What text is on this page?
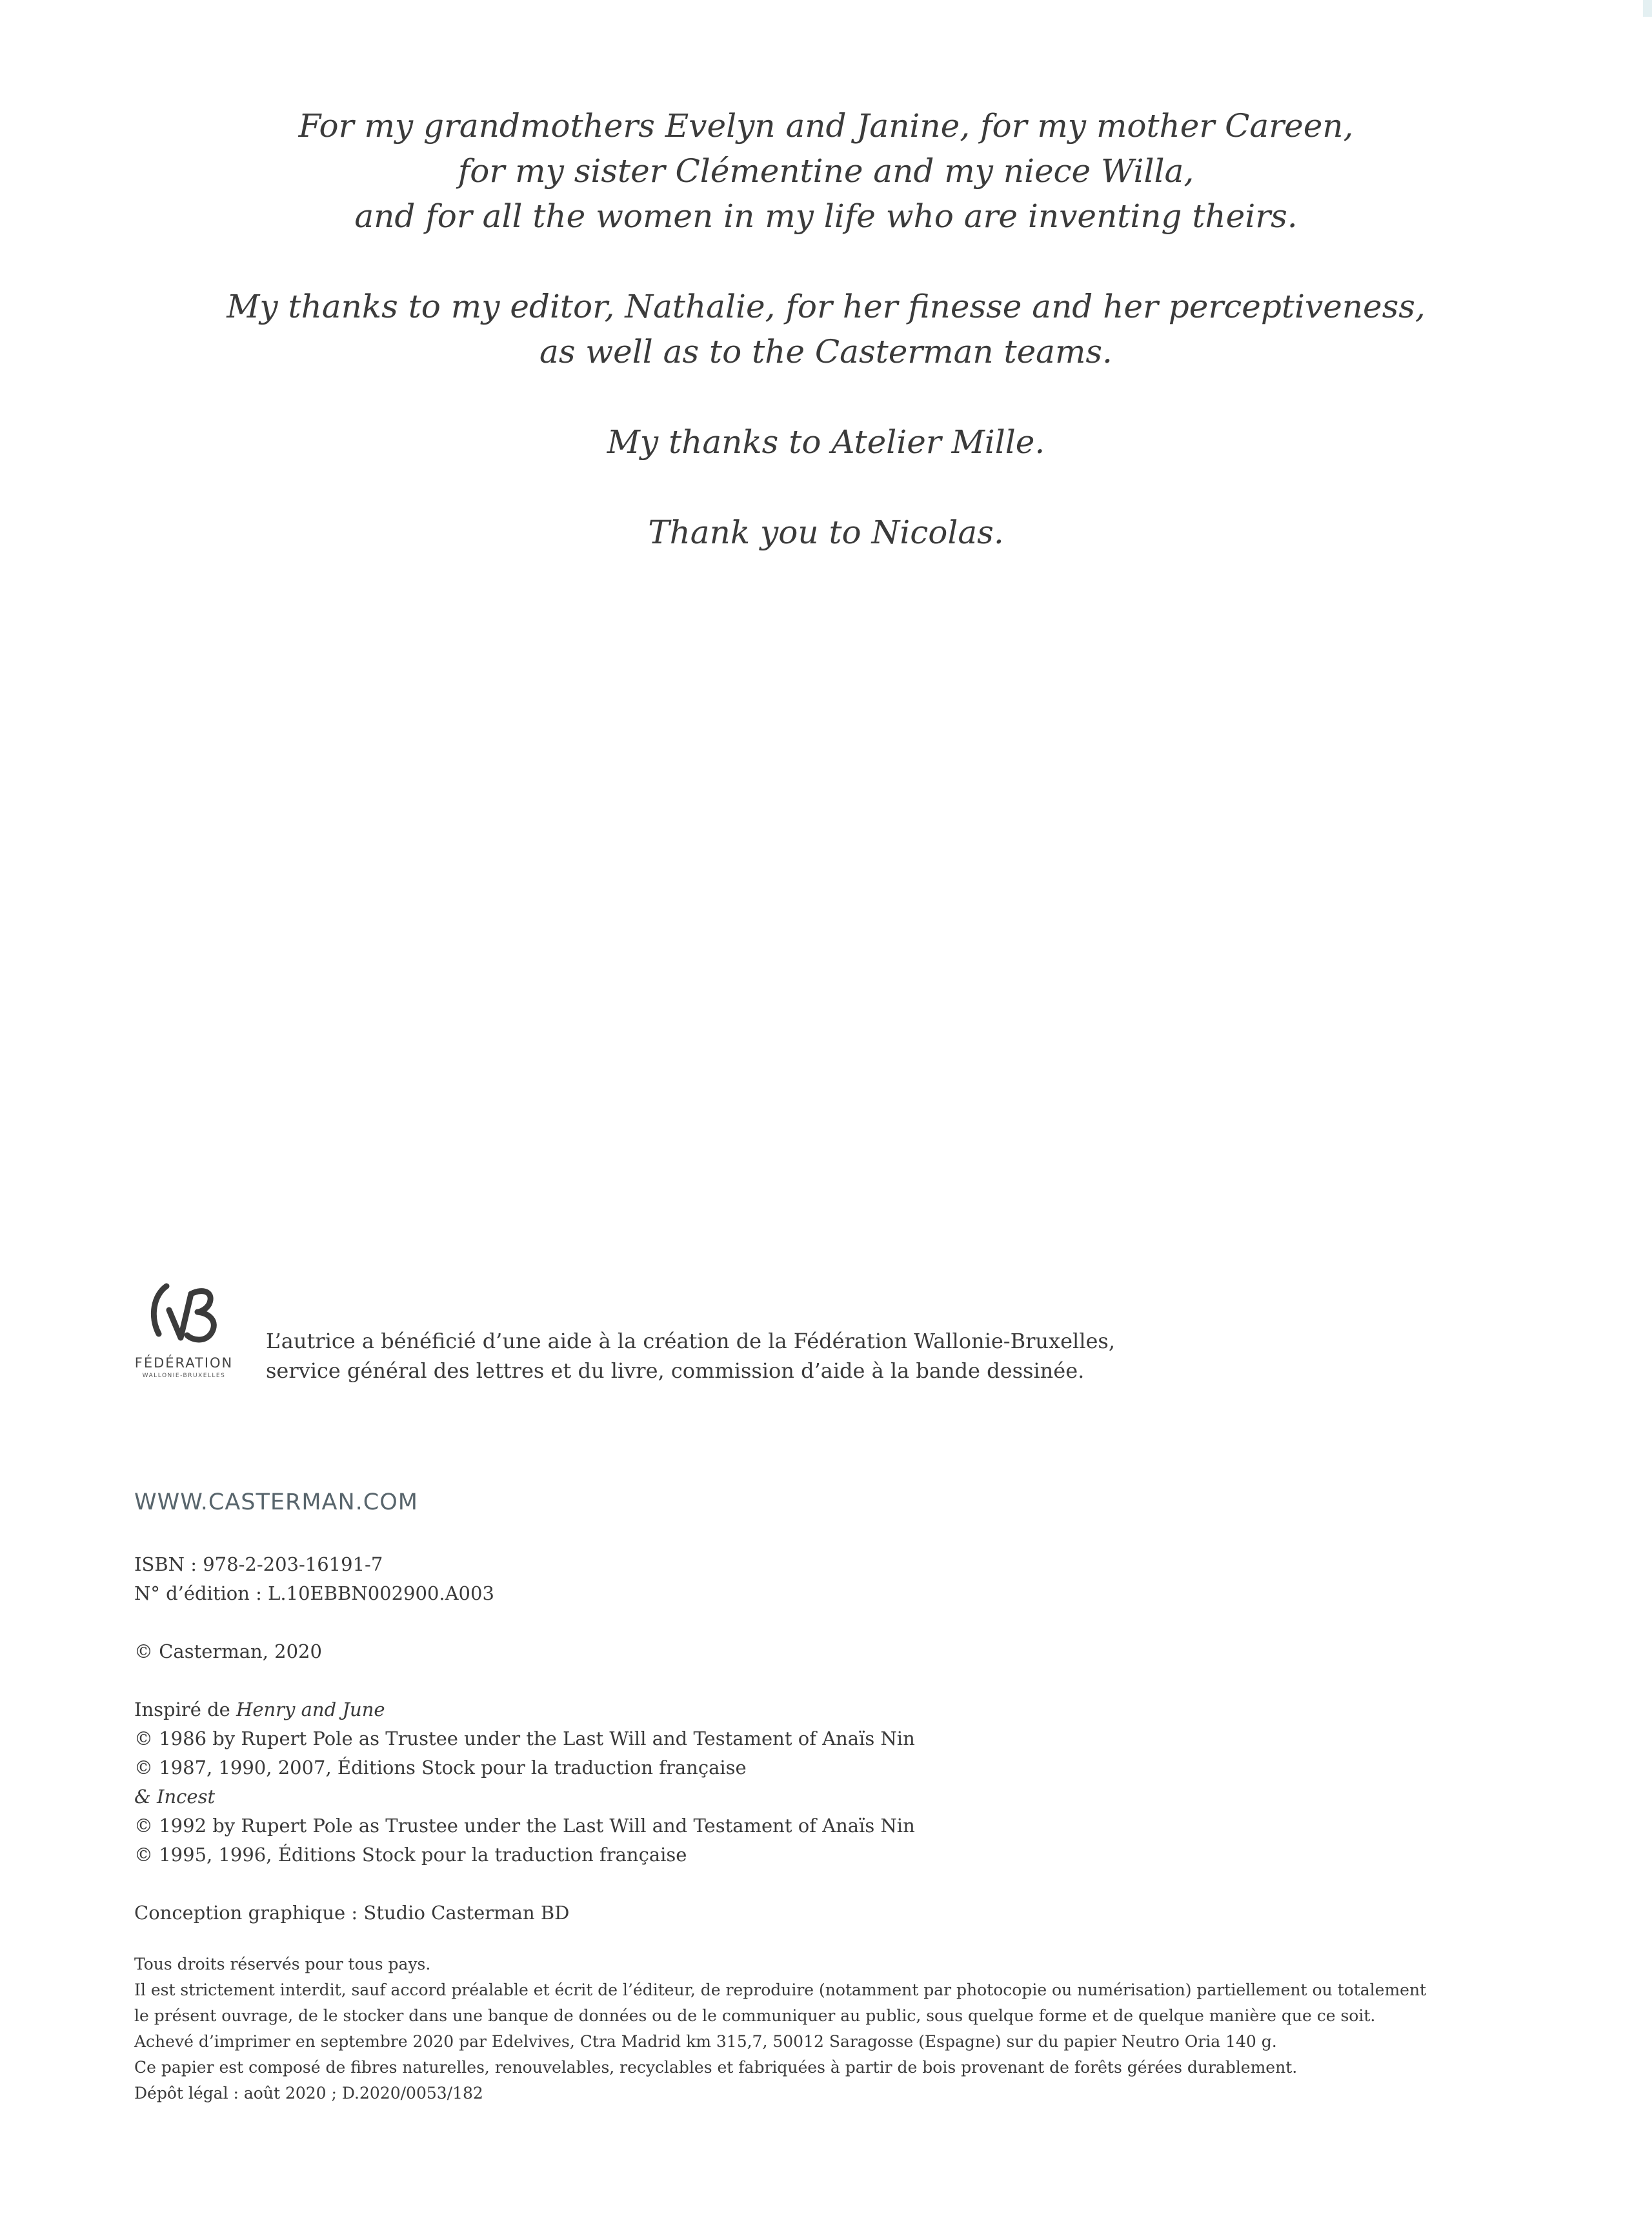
For my grandmothers Evelyn and Janine, for my mother Careen,
for my sister Clémentine and my niece Willa,
and for all the women in my life who are inventing theirs.

My thanks to my editor, Nathalie, for her finesse and her perceptiveness,
as well as to the Casterman teams.

My thanks to Atelier Mille.

Thank you to Nicolas.

FÉDÉRATION
WALLONIE-BRUXELLES
L’autrice a bénéficié d’une aide à la création de la Fédération Wallonie-Bruxelles,
service général des lettres et du livre, commission d’aide à la bande dessinée.
WWW.CASTERMAN.COM
ISBN : 978-2-203-16191-7
N° d’édition : L.10EBBN002900.A003
© Casterman, 2020
Inspiré de Henry and June
© 1986 by Rupert Pole as Trustee under the Last Will and Testament of Anaïs Nin
© 1987, 1990, 2007, Éditions Stock pour la traduction française
& Incest
© 1992 by Rupert Pole as Trustee under the Last Will and Testament of Anaïs Nin
© 1995, 1996, Éditions Stock pour la traduction française
Conception graphique : Studio Casterman BD
Tous droits réservés pour tous pays.
Il est strictement interdit, sauf accord préalable et écrit de l’éditeur, de reproduire (notamment par photocopie ou numérisation) partiellement ou totalement
le présent ouvrage, de le stocker dans une banque de données ou de le communiquer au public, sous quelque forme et de quelque manière que ce soit.
Achevé d’imprimer en septembre 2020 par Edelvives, Ctra Madrid km 315,7, 50012 Saragosse (Espagne) sur du papier Neutro Oria 140 g.
Ce papier est composé de fibres naturelles, renouvelables, recyclables et fabriquées à partir de bois provenant de forêts gérées durablement.
Dépôt légal : août 2020 ; D.2020/0053/182
